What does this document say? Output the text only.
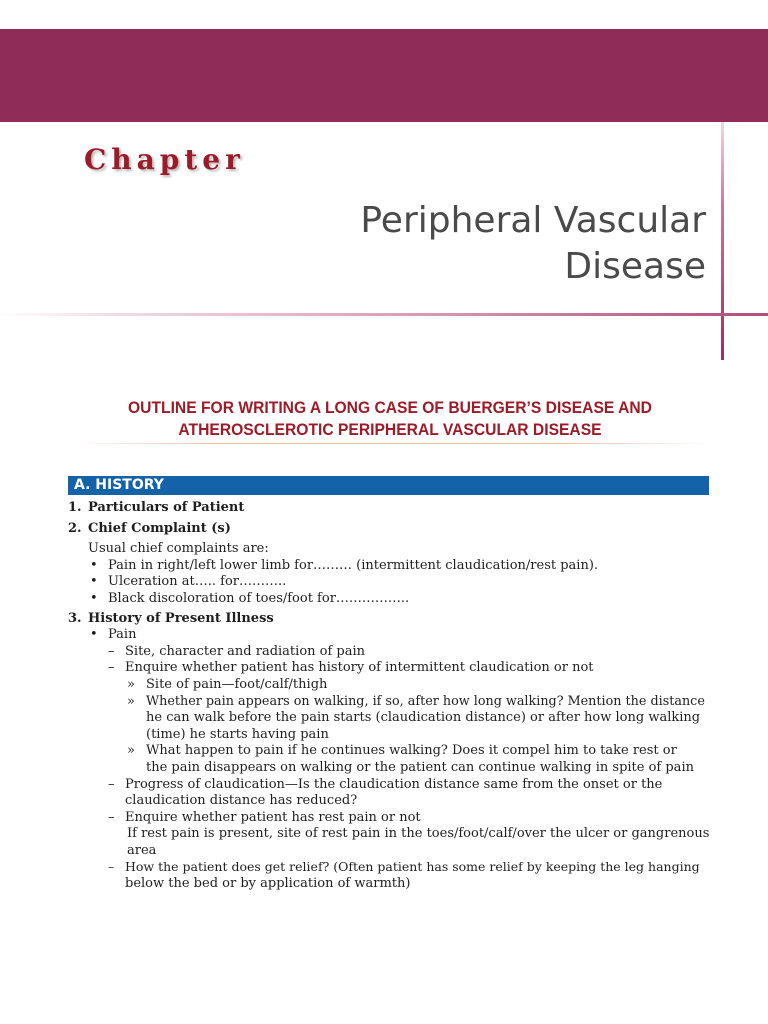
Chapter
Peripheral Vascular
Disease
OUTLINE FOR WRITING A LONG CASE OF BUERGER’S DISEASE AND
ATHEROSCLEROTIC PERIPHERAL VASCULAR DISEASE
A. HISTORY
1. Particulars of Patient
2. Chief Complaint (s)
Usual chief complaints are:
• Pain in right/left lower limb for……… (intermittent claudication/rest pain).
• Ulceration at….. for………..
• Black discoloration of toes/foot for……………..
3. History of Present Illness
• Pain
– Site, character and radiation of pain
– Enquire whether patient has history of intermittent claudication or not
» Site of pain—foot/calf/thigh
» Whether pain appears on walking, if so, after how long walking? Mention the distance
he can walk before the pain starts (claudication distance) or after how long walking
(time) he starts having pain
» What happen to pain if he continues walking? Does it compel him to take rest or
the pain disappears on walking or the patient can continue walking in spite of pain
– Progress of claudication—Is the claudication distance same from the onset or the
claudication distance has reduced?
– Enquire whether patient has rest pain or not
If rest pain is present, site of rest pain in the toes/foot/calf/over the ulcer or gangrenous
area
– How the patient does get relief? (Often patient has some relief by keeping the leg hanging
below the bed or by application of warmth)
